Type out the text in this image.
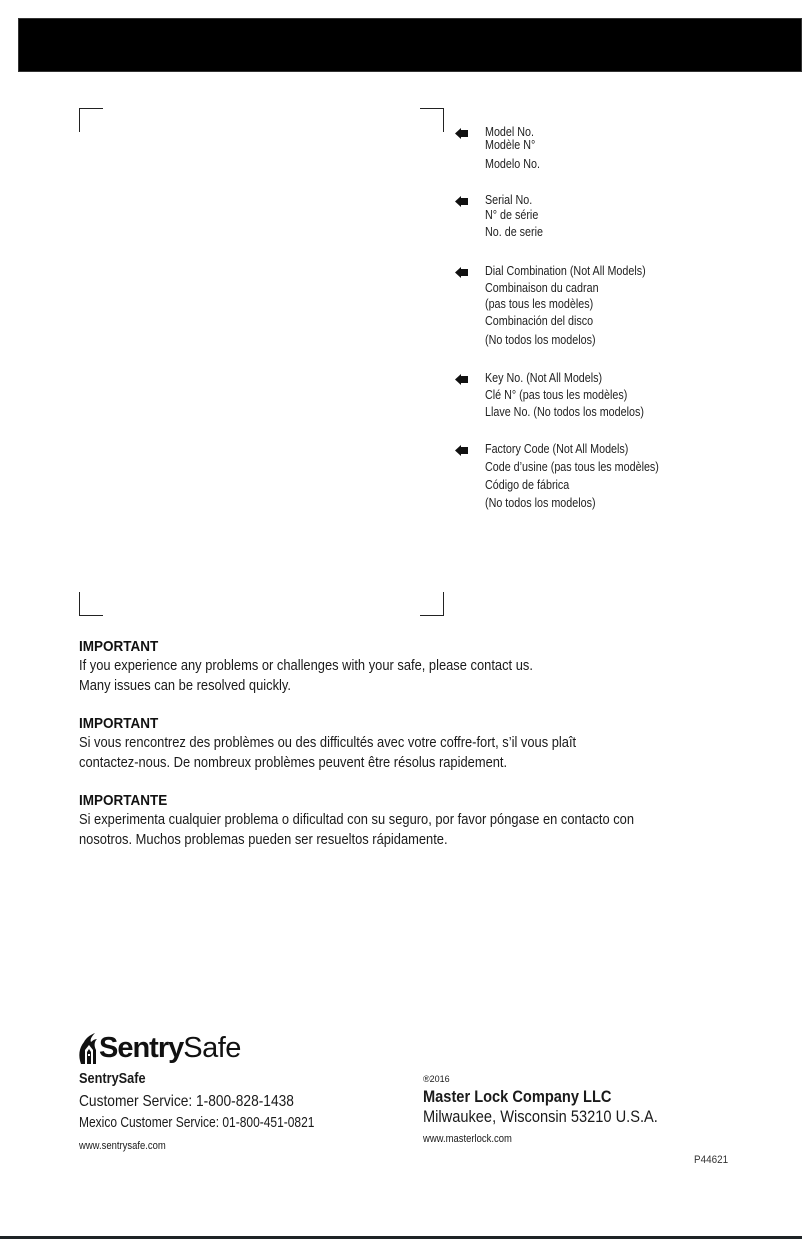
Model No.
Modèle N°
Modelo No.
Serial No.
N° de série
No. de serie
Dial Combination (Not All Models)
Combinaison du cadran
(pas tous les modèles)
Combinación del disco
(No todos los modelos)
Key No. (Not All Models)
Clé N° (pas tous les modèles)
Llave No. (No todos los modelos)
Factory Code (Not All Models)
Code d’usine (pas tous les modèles)
Código de fábrica
(No todos los modelos)
IMPORTANT
If you experience any problems or challenges with your safe, please contact us.
Many issues can be resolved quickly.
IMPORTANT
Si vous rencontrez des problèmes ou des difficultés avec votre coffre-fort, s’il vous plaît
contactez-nous. De nombreux problèmes peuvent être résolus rapidement.
IMPORTANTE
Si experimenta cualquier problema o dificultad con su seguro, por favor póngase en contacto con
nosotros. Muchos problemas pueden ser resueltos rápidamente.
SentrySafe
SentrySafe
Customer Service: 1-800-828-1438
Mexico Customer Service: 01-800-451-0821
www.sentrysafe.com
®2016
Master Lock Company LLC
Milwaukee, Wisconsin 53210 U.S.A.
www.masterlock.com
P44621
